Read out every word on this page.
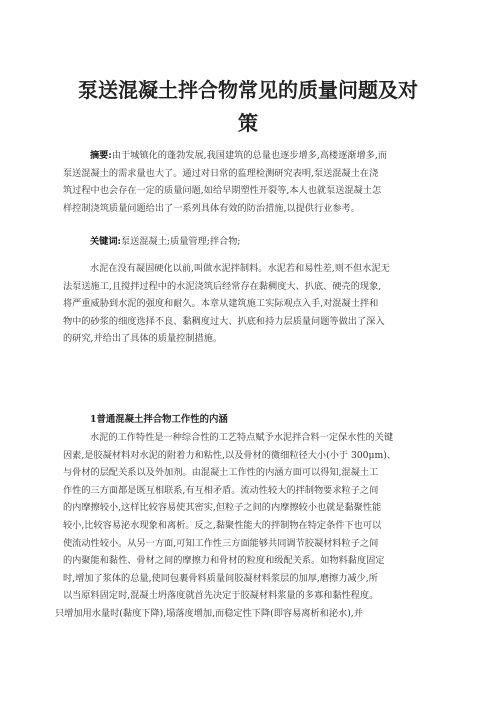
泵送混凝土拌合物常见的质量问题及对
策
摘要:由于城镇化的蓬勃发展,我国建筑的总量也逐步增多,高楼逐渐增多,而
泵送混凝土的需求量也大了。通过对日常的监理检测研究表明,泵送混凝土在浇
筑过程中也会存在一定的质量问题,如给早期塑性开裂等,本人也就泵送混凝土怎
样控制浇筑质量问题给出了一系列具体有效的防治措施,以提供行业参考。
关键词:泵送混凝土;质量管理;拌合物;
水泥在没有凝固硬化以前,叫做水泥拌制料。水泥若和易性差,则不但水泥无
法泵送施工,且搅拌过程中的水泥浇筑后经常存在黏稠度大、扒底、硬壳的现象,
将严重威胁到水泥的强度和耐久。本章从建筑施工实际观点入手,对混凝土拌和
物中的砂浆的细度选择不良、黏稠度过大、扒底和持力层质量问题等做出了深入
的研究,并给出了具体的质量控制措施。
1普通混凝土拌合物工作性的内涵
水泥的工作特性是一种综合性的工艺特点赋予水泥拌合料一定保水性的关键
因素,是胶凝材料对水泥的附着力和粘性,以及骨材的微细粒径大小(小于 300μm)、
与骨材的层配关系以及外加剂。由混凝土工作性的内涵方面可以得知,混凝土工
作性的三方面都是既互相联系,有互相矛盾。流动性较大的拌制物要求粒子之间
的内摩擦较小,这样比较容易使其密实,但粒子之间的内摩擦较小也就是黏聚性能
较小,比较容易泌水现象和离析。反之,黏聚性能大的拌制物在特定条件下也可以
使流动性较小。从另一方面,可知工作性三方面能够共同调节胶凝材料粒子之间
的内聚能和黏性、骨材之间的摩擦力和骨材的粒度和级配关系。如物料黏度固定
时,增加了浆体的总量,使同包裹骨料质量间胶凝材料浆层的加厚,磨擦力减少,所
以当原料固定时,混凝土坍落度就首先决定于胶凝材料浆量的多寡和黏性程度。
只增加用水量时(黏度下降),塌落度增加,而稳定性下降(即容易离析和泌水),并
